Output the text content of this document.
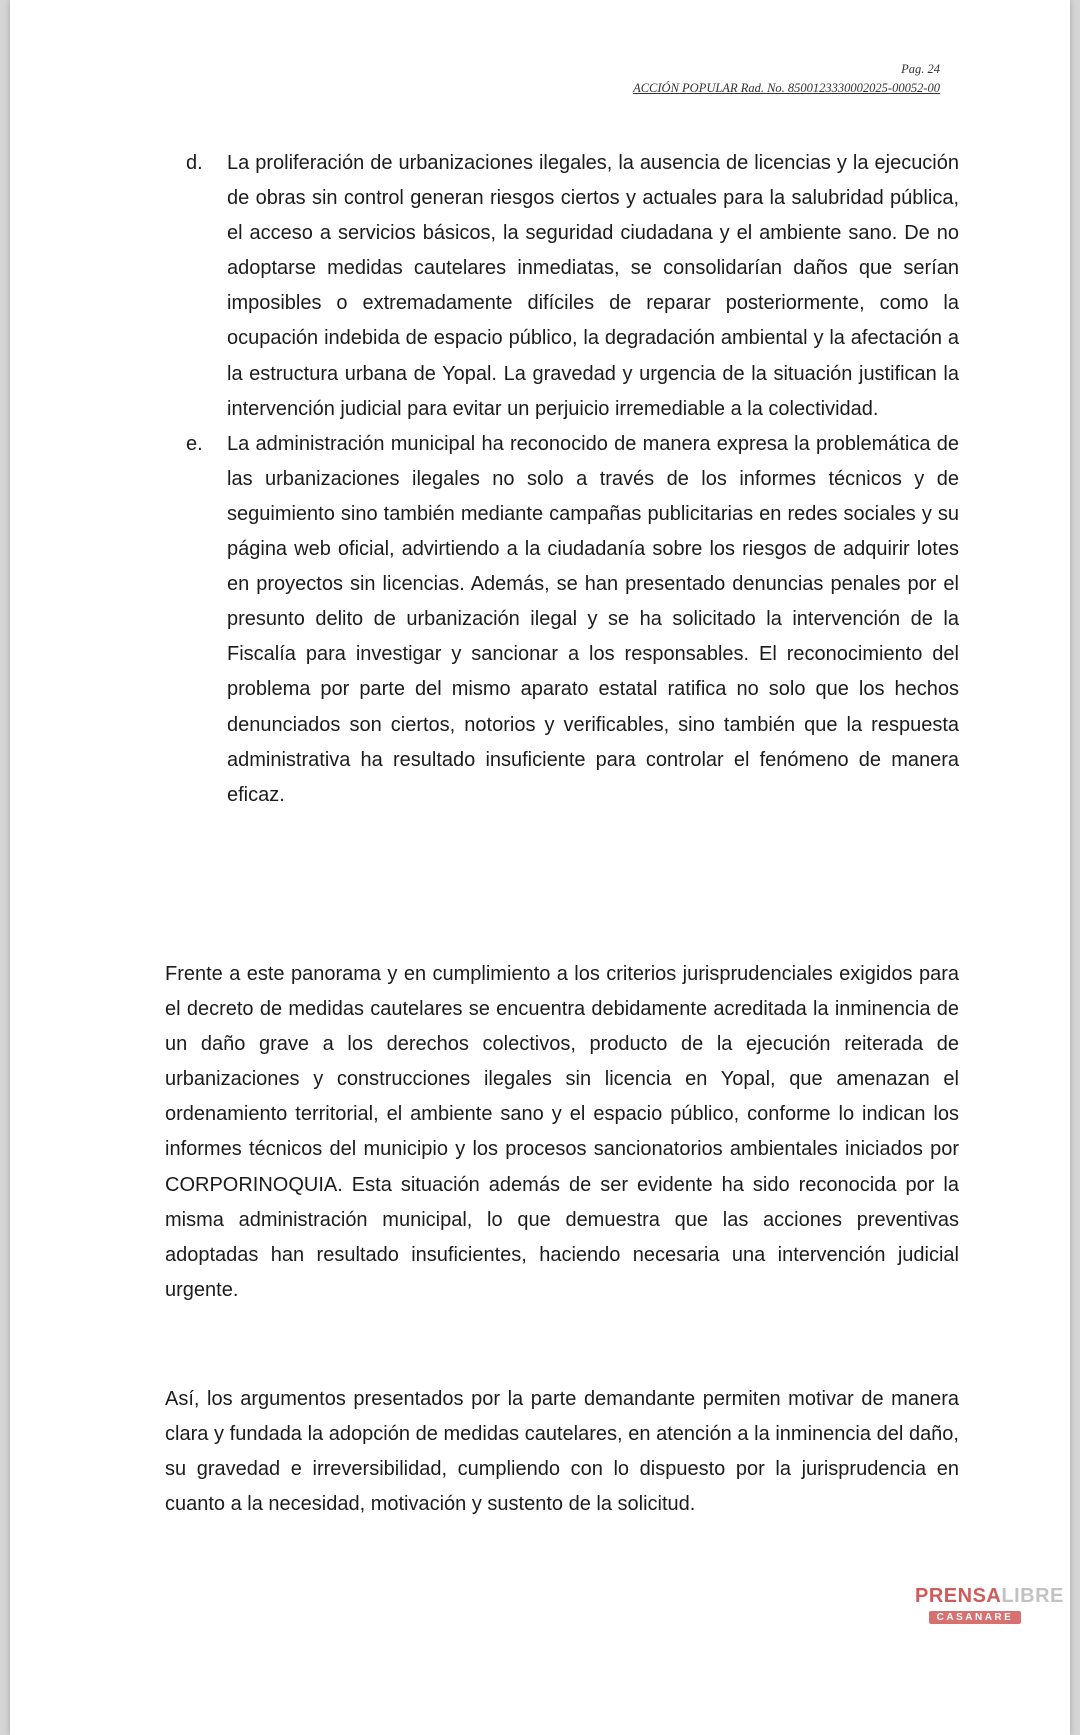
Pag. 24
ACCIÓN POPULAR Rad. No. 8500123330002025-00052-00
d. La proliferación de urbanizaciones ilegales, la ausencia de licencias y la ejecución de obras sin control generan riesgos ciertos y actuales para la salubridad pública, el acceso a servicios básicos, la seguridad ciudadana y el ambiente sano. De no adoptarse medidas cautelares inmediatas, se consolidarían daños que serían imposibles o extremadamente difíciles de reparar posteriormente, como la ocupación indebida de espacio público, la degradación ambiental y la afectación a la estructura urbana de Yopal. La gravedad y urgencia de la situación justifican la intervención judicial para evitar un perjuicio irremediable a la colectividad.
e. La administración municipal ha reconocido de manera expresa la problemática de las urbanizaciones ilegales no solo a través de los informes técnicos y de seguimiento sino también mediante campañas publicitarias en redes sociales y su página web oficial, advirtiendo a la ciudadanía sobre los riesgos de adquirir lotes en proyectos sin licencias. Además, se han presentado denuncias penales por el presunto delito de urbanización ilegal y se ha solicitado la intervención de la Fiscalía para investigar y sancionar a los responsables. El reconocimiento del problema por parte del mismo aparato estatal ratifica no solo que los hechos denunciados son ciertos, notorios y verificables, sino también que la respuesta administrativa ha resultado insuficiente para controlar el fenómeno de manera eficaz.

Frente a este panorama y en cumplimiento a los criterios jurisprudenciales exigidos para el decreto de medidas cautelares se encuentra debidamente acreditada la inminencia de un daño grave a los derechos colectivos, producto de la ejecución reiterada de urbanizaciones y construcciones ilegales sin licencia en Yopal, que amenazan el ordenamiento territorial, el ambiente sano y el espacio público, conforme lo indican los informes técnicos del municipio y los procesos sancionatorios ambientales iniciados por CORPORINOQUIA. Esta situación además de ser evidente ha sido reconocida por la misma administración municipal, lo que demuestra que las acciones preventivas adoptadas han resultado insuficientes, haciendo necesaria una intervención judicial urgente.

Así, los argumentos presentados por la parte demandante permiten motivar de manera clara y fundada la adopción de medidas cautelares, en atención a la inminencia del daño, su gravedad e irreversibilidad, cumpliendo con lo dispuesto por la jurisprudencia en cuanto a la necesidad, motivación y sustento de la solicitud.

PRENSALIBRE
CASANARE
